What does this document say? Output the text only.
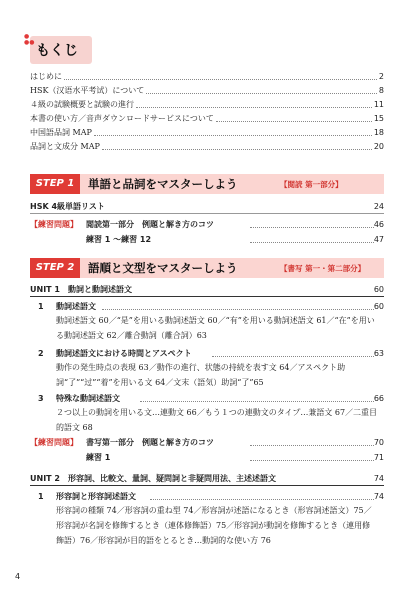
もくじ
●
●●
はじめに	2
HSK（汉语水平考试）について	8
４級の試験概要と試験の進行	11
本書の使い方／音声ダウンロードサービスについて	15
中国語品詞 MAP	18
品詞と文成分 MAP	20
STEP 1	単語と品詞をマスターしよう	【閲読 第一部分】
HSK 4級単語リスト	24
【練習問題】 閲読第一部分　例題と解き方のコツ	46
練習 1 ～練習 12	47
STEP 2	語順と文型をマスターしよう	【書写 第一・第二部分】
UNIT 1　動詞と動詞述語文	60
1 動詞述語文	60
動詞述語文 60／“是”を用いる動詞述語文 60／“有”を用いる動詞述語文 61／“在”を用いる動詞述語文 62／離合動詞（離合詞）63
2 動詞述語文における時間とアスペクト	63
動作の発生時点の表現 63／動作の進行、状態の持続を表す文 64／アスペクト助詞“了”“过”“着”を用いる文 64／文末（語気）助詞“了”65
3 特殊な動詞述語文	66
２つ以上の動詞を用いる文…連動文 66／もう１つの連動文のタイプ…兼語文 67／二重目的語文 68
【練習問題】 書写第一部分　例題と解き方のコツ	70
練習 1	71
UNIT 2　形容詞、比較文、量詞、疑問詞と非疑問用法、主述述語文	74
1 形容詞と形容詞述語文	74
形容詞の種類 74／形容詞の重ね型 74／形容詞が述語になるとき（形容詞述語文）75／形容詞が名詞を修飾するとき（連体修飾語）75／形容詞が動詞を修飾するとき（連用修飾語）76／形容詞が目的語をとるとき…動詞的な使い方 76
4
